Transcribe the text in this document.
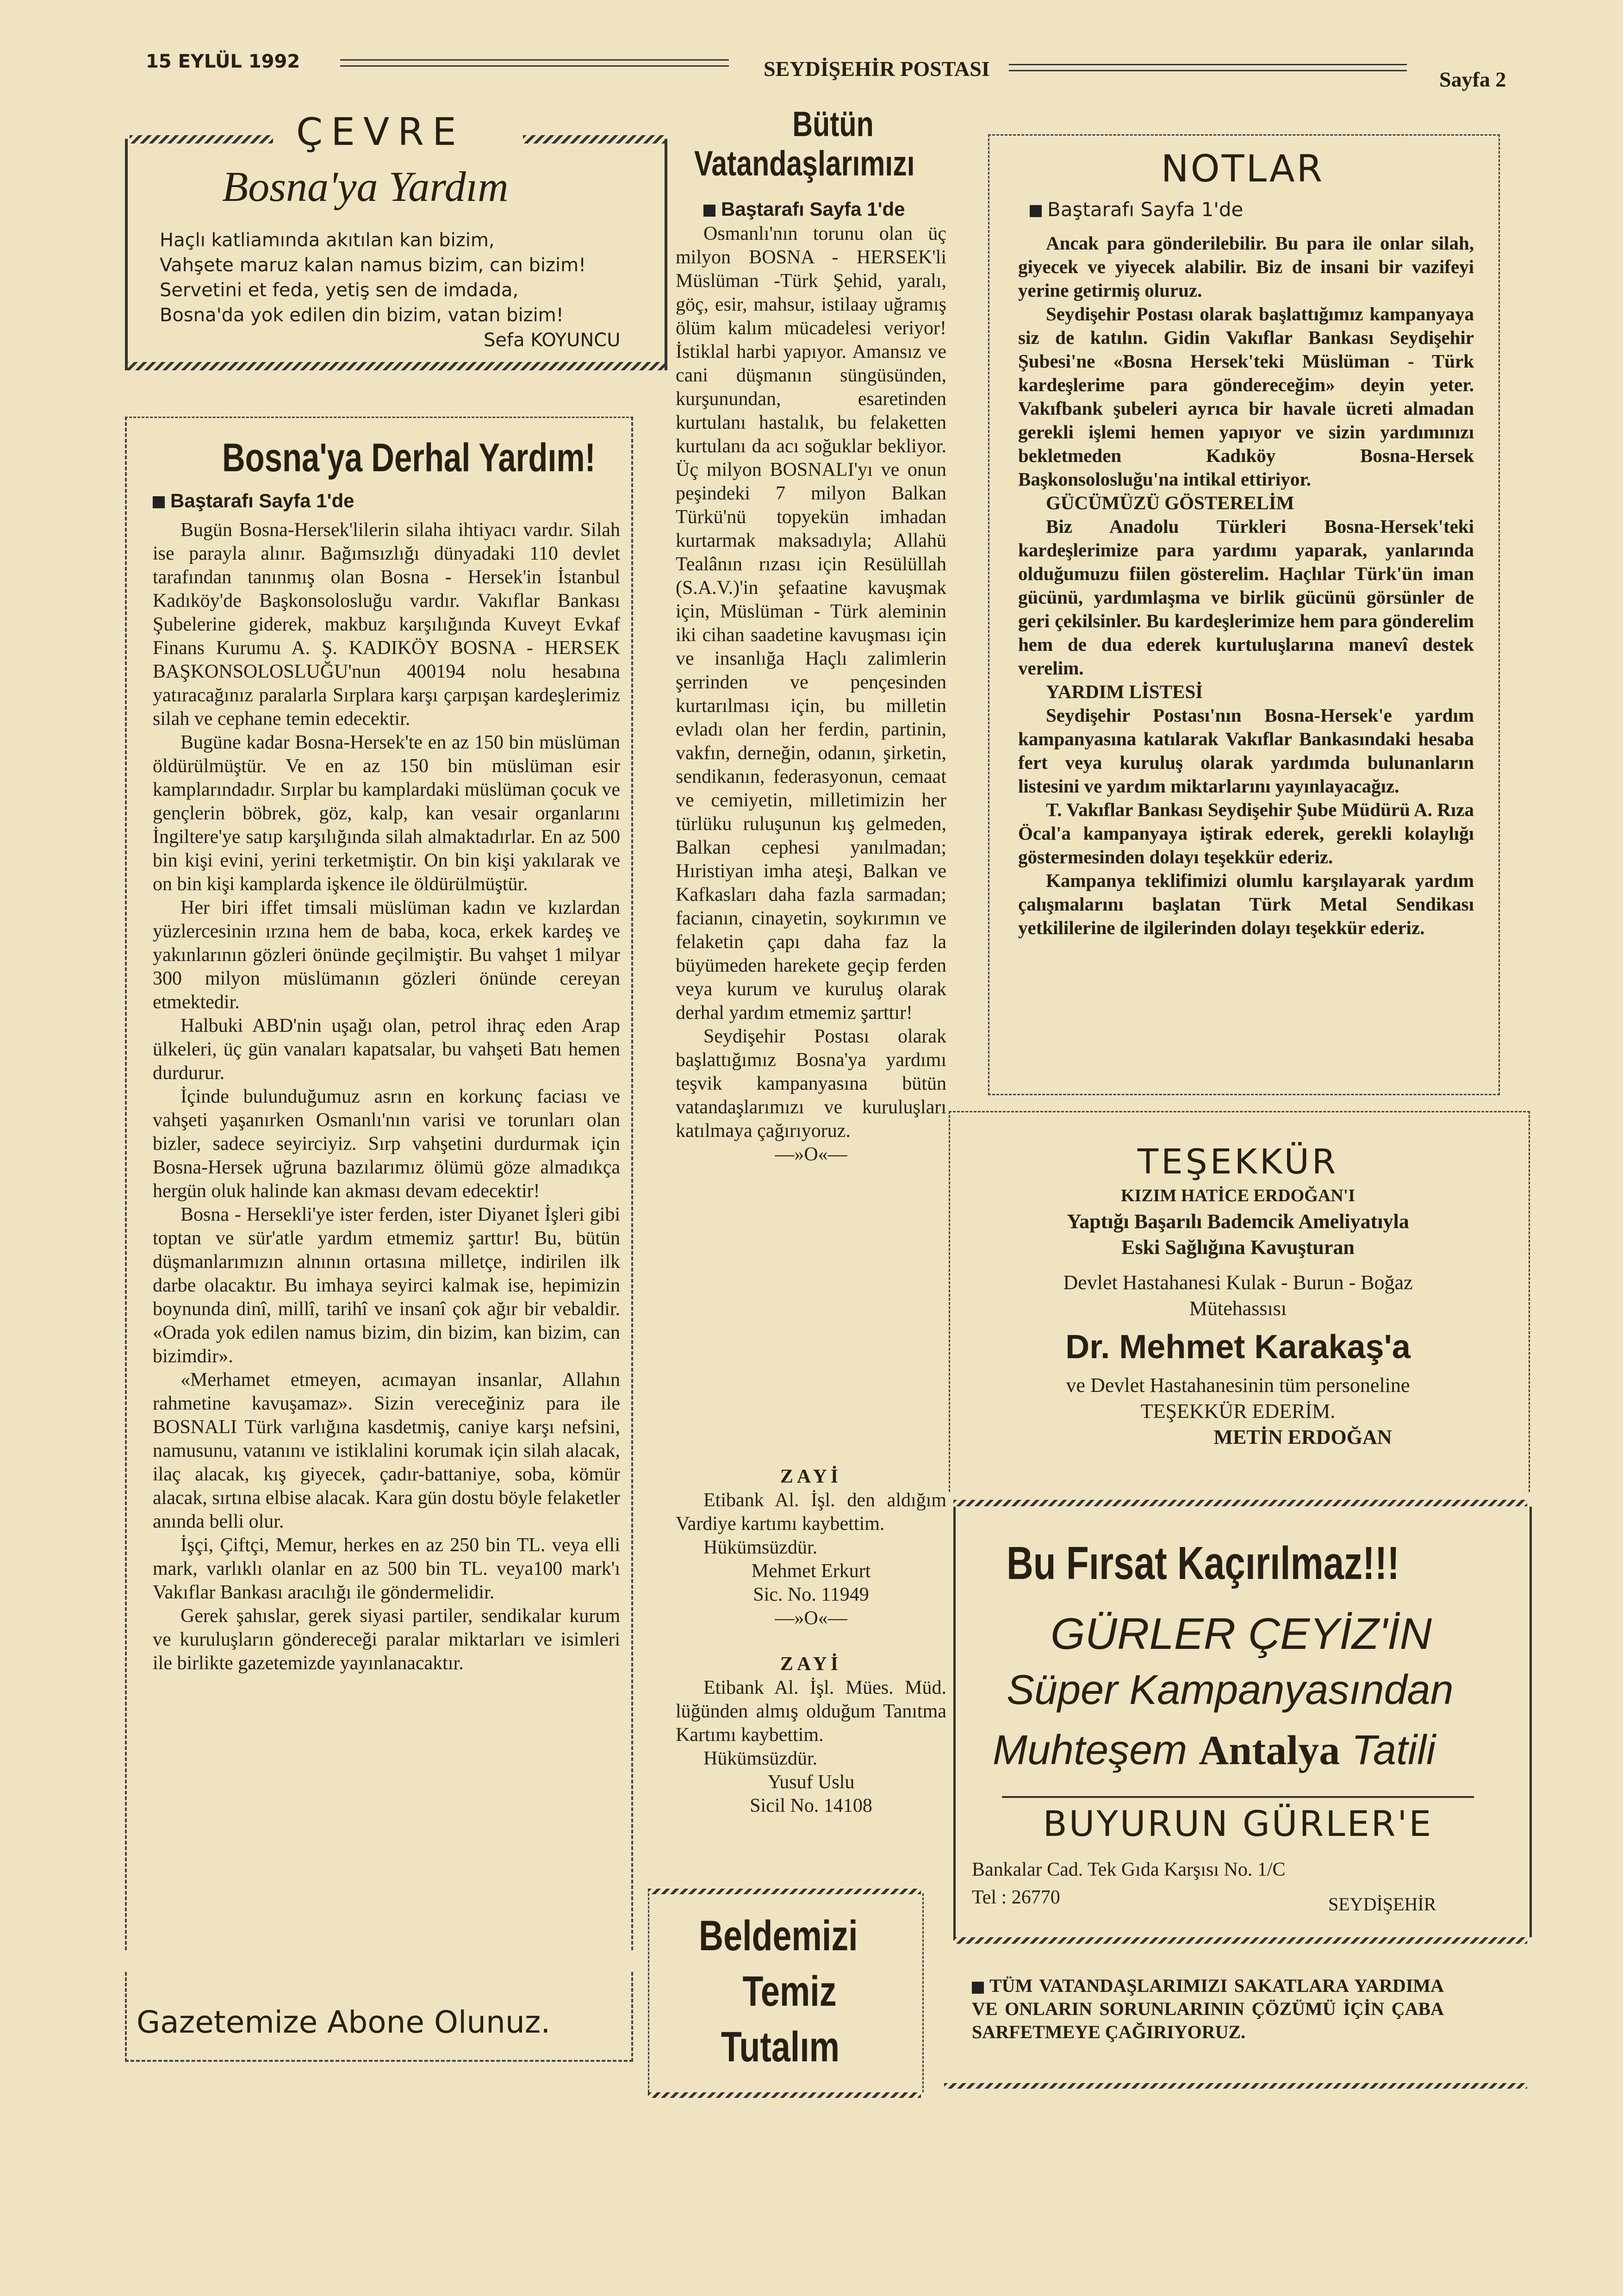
15 EYLÜL 1992	SEYDİŞEHİR POSTASI	Sayfa 2
ÇEVRE
Bosna'ya Yardım
Haçlı katliamında akıtılan kan bizim,
Vahşete maruz kalan namus bizim, can bizim!
Servetini et feda, yetiş sen de imdada,
Bosna'da yok edilen din bizim, vatan bizim!
Sefa KOYUNCU
Bosna'ya Derhal Yardım!
Baştarafı Sayfa 1'de

Bugün Bosna-Hersek'lilerin silaha ihtiyacı vardır. Silah ise parayla alınır. Bağımsızlığı dünyadaki 110 devlet tarafından tanınmış olan Bosna - Hersek'in İstanbul Kadıköy'de Başkonsolosluğu vardır. Vakıflar Bankası Şubelerine giderek, makbuz karşılığında Kuveyt Evkaf Finans Kurumu A. Ş. KADIKÖY BOSNA - HERSEK BAŞKONSOLOSLUĞU'nun 400194 nolu hesabına yatıracağınız paralarla Sırplara karşı çarpışan kardeşlerimiz silah ve cephane temin edecektir.

Bugüne kadar Bosna-Hersek'te en az 150 bin müslüman öldürülmüştür. Ve en az 150 bin müslüman esir kamplarındadır. Sırplar bu kamplardaki müslüman çocuk ve gençlerin böbrek, göz, kalp, kan vesair organlarını İngiltere'ye satıp karşılığında silah almaktadırlar. En az 500 bin kişi evini, yerini terketmiştir. On bin kişi yakılarak ve on bin kişi kamplarda işkence ile öldürülmüştür.

Her biri iffet timsali müslüman kadın ve kızlardan yüzlercesinin ırzına hem de baba, koca, erkek kardeş ve yakınlarının gözleri önünde geçilmiştir. Bu vahşet 1 milyar 300 milyon müslümanın gözleri önünde cereyan etmektedir.

Halbuki ABD'nin uşağı olan, petrol ihraç eden Arap ülkeleri, üç gün vanaları kapatsalar, bu vahşeti Batı hemen durdurur.

İçinde bulunduğumuz asrın en korkunç faciası ve vahşeti yaşanırken Osmanlı'nın varisi ve torunları olan bizler, sadece seyirciyiz. Sırp vahşetini durdurmak için Bosna-Hersek uğruna bazılarımız ölümü göze almadıkça hergün oluk halinde kan akması devam edecektir!

Bosna - Hersekli'ye ister ferden, ister Diyanet İşleri gibi toptan ve sür'atle yardım etmemiz şarttır! Bu, bütün düşmanlarımızın alnının ortasına milletçe, indirilen ilk darbe olacaktır. Bu imhaya seyirci kalmak ise, hepimizin boynunda dinî, millî, tarihî ve insanî çok ağır bir vebaldir. «Orada yok edilen namus bizim, din bizim, kan bizim, can bizimdir».

«Merhamet etmeyen, acımayan insanlar, Allahın rahmetine kavuşamaz». Sizin vereceğiniz para ile BOSNALI Türk varlığına kasdetmiş, caniye karşı nefsini, namusunu, vatanını ve istiklalini korumak için silah alacak, ilaç alacak, kış giyecek, çadır-battaniye, soba, kömür alacak, sırtına elbise alacak. Kara gün dostu böyle felaketler anında belli olur.

İşçi, Çiftçi, Memur, herkes en az 250 bin TL. veya elli mark, varlıklı olanlar en az 500 bin TL. veya100 mark'ı Vakıflar Bankası aracılığı ile göndermelidir.

Gerek şahıslar, gerek siyasi partiler, sendikalar kurum ve kuruluşların göndereceği paralar miktarları ve isimleri ile birlikte gazetemizde yayınlanacaktır.

Gazetemize Abone Olunuz.
Bütün
Vatandaşlarımızı
Baştarafı Sayfa 1'de

Osmanlı'nın torunu olan üç milyon BOSNA - HERSEK'li Müslüman -Türk Şehid, yaralı, göç, esir, mahsur, istilaay uğramış ölüm kalım mücadelesi veriyor! İstiklal harbi yapıyor. Amansız ve cani düşmanın süngüsünden, kurşunundan, esaretinden kurtulanı hastalık, bu felaketten kurtulanı da acı soğuklar bekliyor. Üç milyon BOSNALI'yı ve onun peşindeki 7 milyon Balkan Türkü'nü topyekün imhadan kurtarmak maksadıyla; Allahü Tealânın rızası için Resülüllah (S.A.V.)'in şefaatine kavuşmak için, Müslüman - Türk aleminin iki cihan saadetine kavuşması için ve insanlığa Haçlı zalimlerin şerrinden ve pençesinden kurtarılması için, bu milletin evladı olan her ferdin, partinin, vakfın, derneğin, odanın, şirketin, sendikanın, federasyonun, cemaat ve cemiyetin, milletimizin her türlüku ruluşunun kış gelmeden, Balkan cephesi yanılmadan; Hıristiyan imha ateşi, Balkan ve Kafkasları daha fazla sarmadan; facianın, cinayetin, soykırımın ve felaketin çapı daha faz la büyümeden harekete geçip ferden veya kurum ve kuruluş olarak derhal yardım etmemiz şarttır!

Seydişehir Postası olarak başlattığımız Bosna'ya yardımı teşvik kampanyasına bütün vatandaşlarımızı ve kuruluşları katılmaya çağırıyoruz.

—»O«—
ZAYİ

Etibank Al. İşl. den aldığım Vardiye kartımı kaybettim.

Hükümsüzdür.
Mehmet Erkurt
Sic. No. 11949
—»O«—
ZAYİ

Etibank Al. İşl. Mües. Müd. lüğünden almış olduğum Tanıtma Kartımı kaybettim.

Hükümsüzdür.
Yusuf Uslu
Sicil No. 14108
Beldemizi
Temiz
Tutalım
NOTLAR
Baştarafı Sayfa 1'de

Ancak para gönderilebilir. Bu para ile onlar silah, giyecek ve yiyecek alabilir. Biz de insani bir vazifeyi yerine getirmiş oluruz.

Seydişehir Postası olarak başlattığımız kampanyaya siz de katılın. Gidin Vakıflar Bankası Seydişehir Şubesi'ne «Bosna Hersek'teki Müslüman - Türk kardeşlerime para göndereceğim» deyin yeter. Vakıfbank şubeleri ayrıca bir havale ücreti almadan gerekli işlemi hemen yapıyor ve sizin yardımınızı bekletmeden Kadıköy Bosna-Hersek Başkonsolosluğu'na intikal ettiriyor.

GÜCÜMÜZÜ GÖSTERELİM

Biz Anadolu Türkleri Bosna-Hersek'teki kardeşlerimize para yardımı yaparak, yanlarında olduğumuzu fiilen gösterelim. Haçlılar Türk'ün iman gücünü, yardımlaşma ve birlik gücünü görsünler de geri çekilsinler. Bu kardeşlerimize hem para gönderelim hem de dua ederek kurtuluşlarına manevî destek verelim.

YARDIM LİSTESİ

Seydişehir Postası'nın Bosna-Hersek'e yardım kampanyasına katılarak Vakıflar Bankasındaki hesaba fert veya kuruluş olarak yardımda bulunanların listesini ve yardım miktarlarını yayınlayacağız.

T. Vakıflar Bankası Seydişehir Şube Müdürü A. Rıza Öcal'a kampanyaya iştirak ederek, gerekli kolaylığı göstermesinden dolayı teşekkür ederiz.

Kampanya teklifimizi olumlu karşılayarak yardım çalışmalarını başlatan Türk Metal Sendikası yetkililerine de ilgilerinden dolayı teşekkür ederiz.

TEŞEKKÜR
KIZIM HATİCE ERDOĞAN'I
Yaptığı Başarılı Bademcik Ameliyatıyla
Eski Sağlığına Kavuşturan
Devlet Hastahanesi Kulak - Burun - Boğaz
Mütehassısı
Dr. Mehmet Karakaş'a
ve Devlet Hastahanesinin tüm personeline
TEŞEKKÜR EDERİM.
METİN ERDOĞAN
Bu Fırsat Kaçırılmaz!!!
GÜRLER ÇEYİZ'İN
Süper Kampanyasından
Muhteşem Antalya Tatili
BUYURUN GÜRLER'E
Bankalar Cad. Tek Gıda Karşısı No. 1/C
Tel : 26770	SEYDİŞEHİR
TÜM VATANDAŞLARIMIZI SAKATLARA YARDIMA VE ONLARIN SORUNLARININ ÇÖZÜMÜ İÇİN ÇABA SARFETMEYE ÇAĞIRIYORUZ.
